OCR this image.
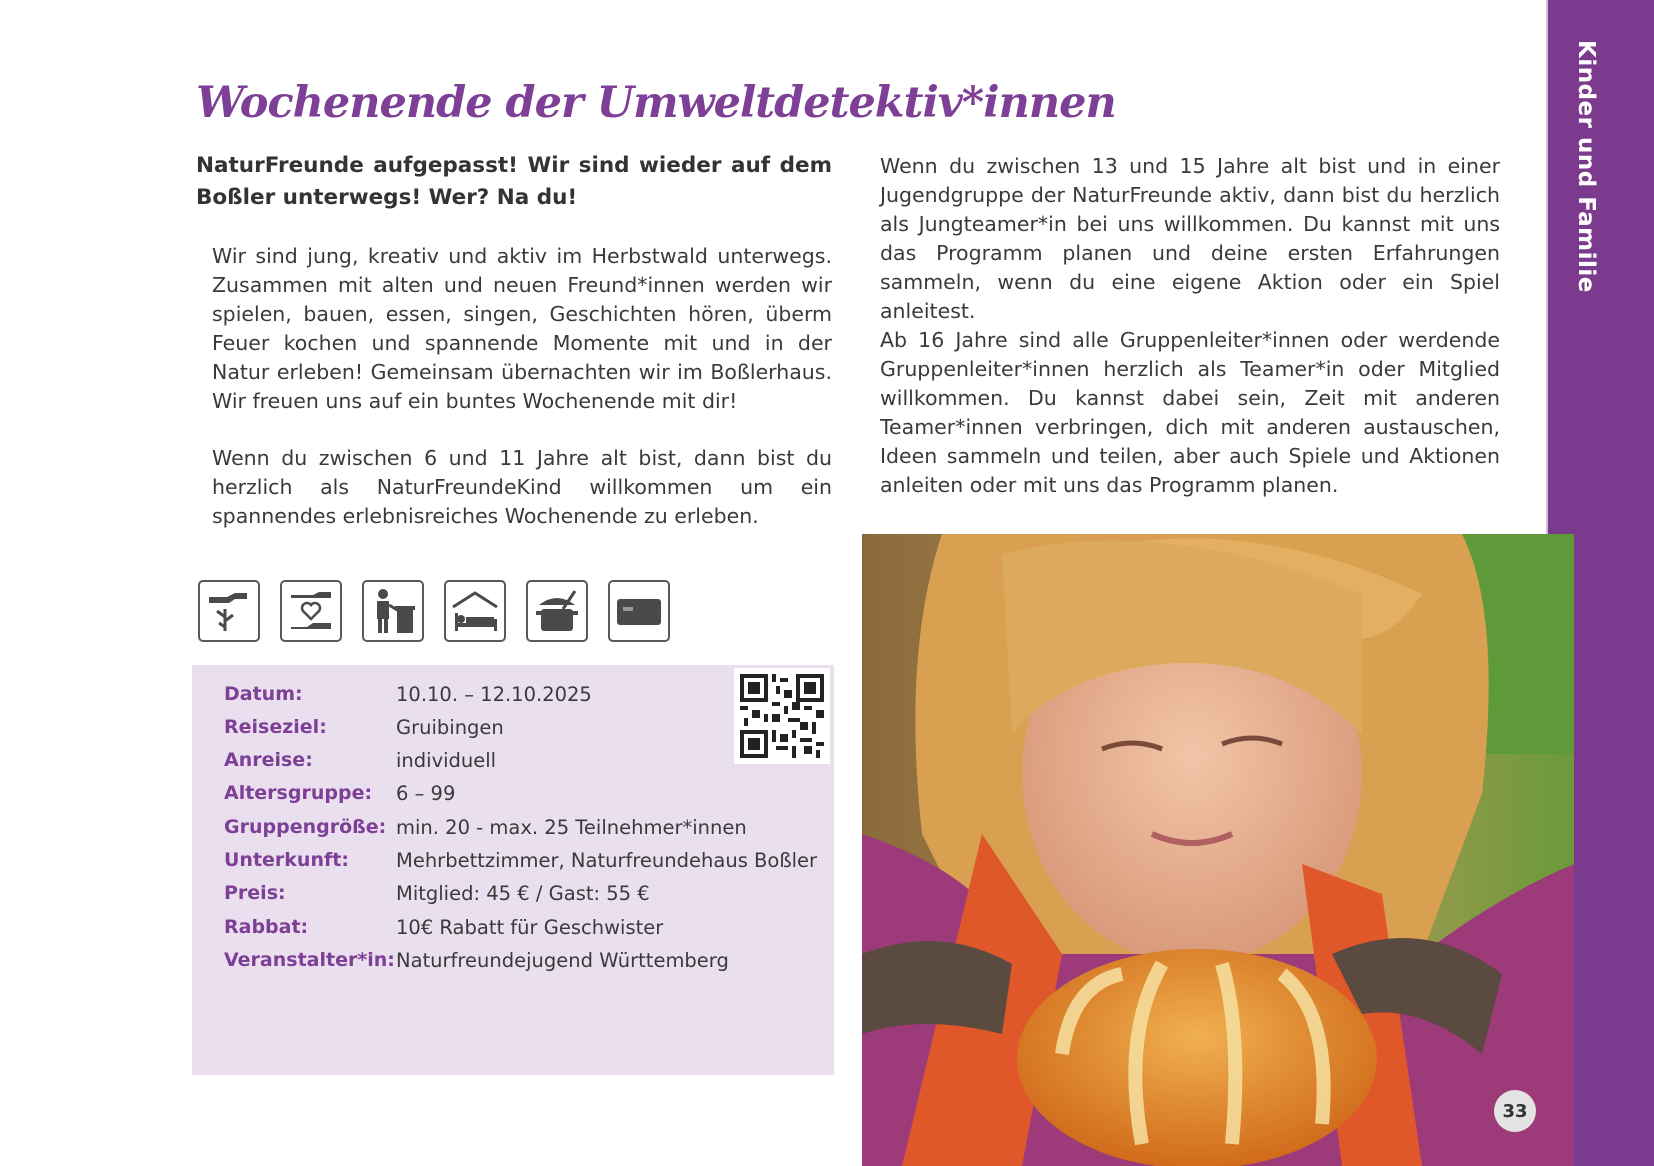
Kinder und Familie
Wochenende der Umweltdetektiv*innen

NaturFreunde aufgepasst! Wir sind wieder auf dem Boßler unterwegs! Wer? Na du!

Wir sind jung, kreativ und aktiv im Herbstwald unterwegs. Zusammen mit alten und neuen Freund*innen werden wir spielen, bauen, essen, singen, Geschichten hören, überm Feuer kochen und spannende Momente mit und in der Natur erleben! Gemeinsam übernachten wir im Boßlerhaus. Wir freuen uns auf ein buntes Wochenende mit dir!

Wenn du zwischen 6 und 11 Jahre alt bist, dann bist du herzlich als NaturFreundeKind willkommen um ein spannendes erlebnisreiches Wochenende zu erleben.

Wenn du zwischen 13 und 15 Jahre alt bist und in einer Jugendgruppe der NaturFreunde aktiv, dann bist du herzlich als Jungteamer*in bei uns willkommen. Du kannst mit uns das Programm planen und deine ersten Erfahrungen sammeln, wenn du eine eigene Aktion oder ein Spiel anleitest.

Ab 16 Jahre sind alle Gruppenleiter*innen oder werdende Gruppenleiter*innen herzlich als Teamer*in oder Mitglied willkommen. Du kannst dabei sein, Zeit mit anderen Teamer*innen verbringen, dich mit anderen austauschen, Ideen sammeln und teilen, aber auch Spiele und Aktionen anleiten oder mit uns das Programm planen.

Datum:	10.10. – 12.10.2025
Reiseziel:	Gruibingen
Anreise:	individuell
Altersgruppe:	6 – 99
Gruppengröße: min. 20 - max. 25 Teilnehmer*innen
Unterkunft:	Mehrbettzimmer, Naturfreundehaus Boßler
Preis:	Mitglied: 45 € / Gast: 55 €
Rabbat:	10€ Rabatt für Geschwister
Veranstalter*in: Naturfreundejugend Württemberg
33
